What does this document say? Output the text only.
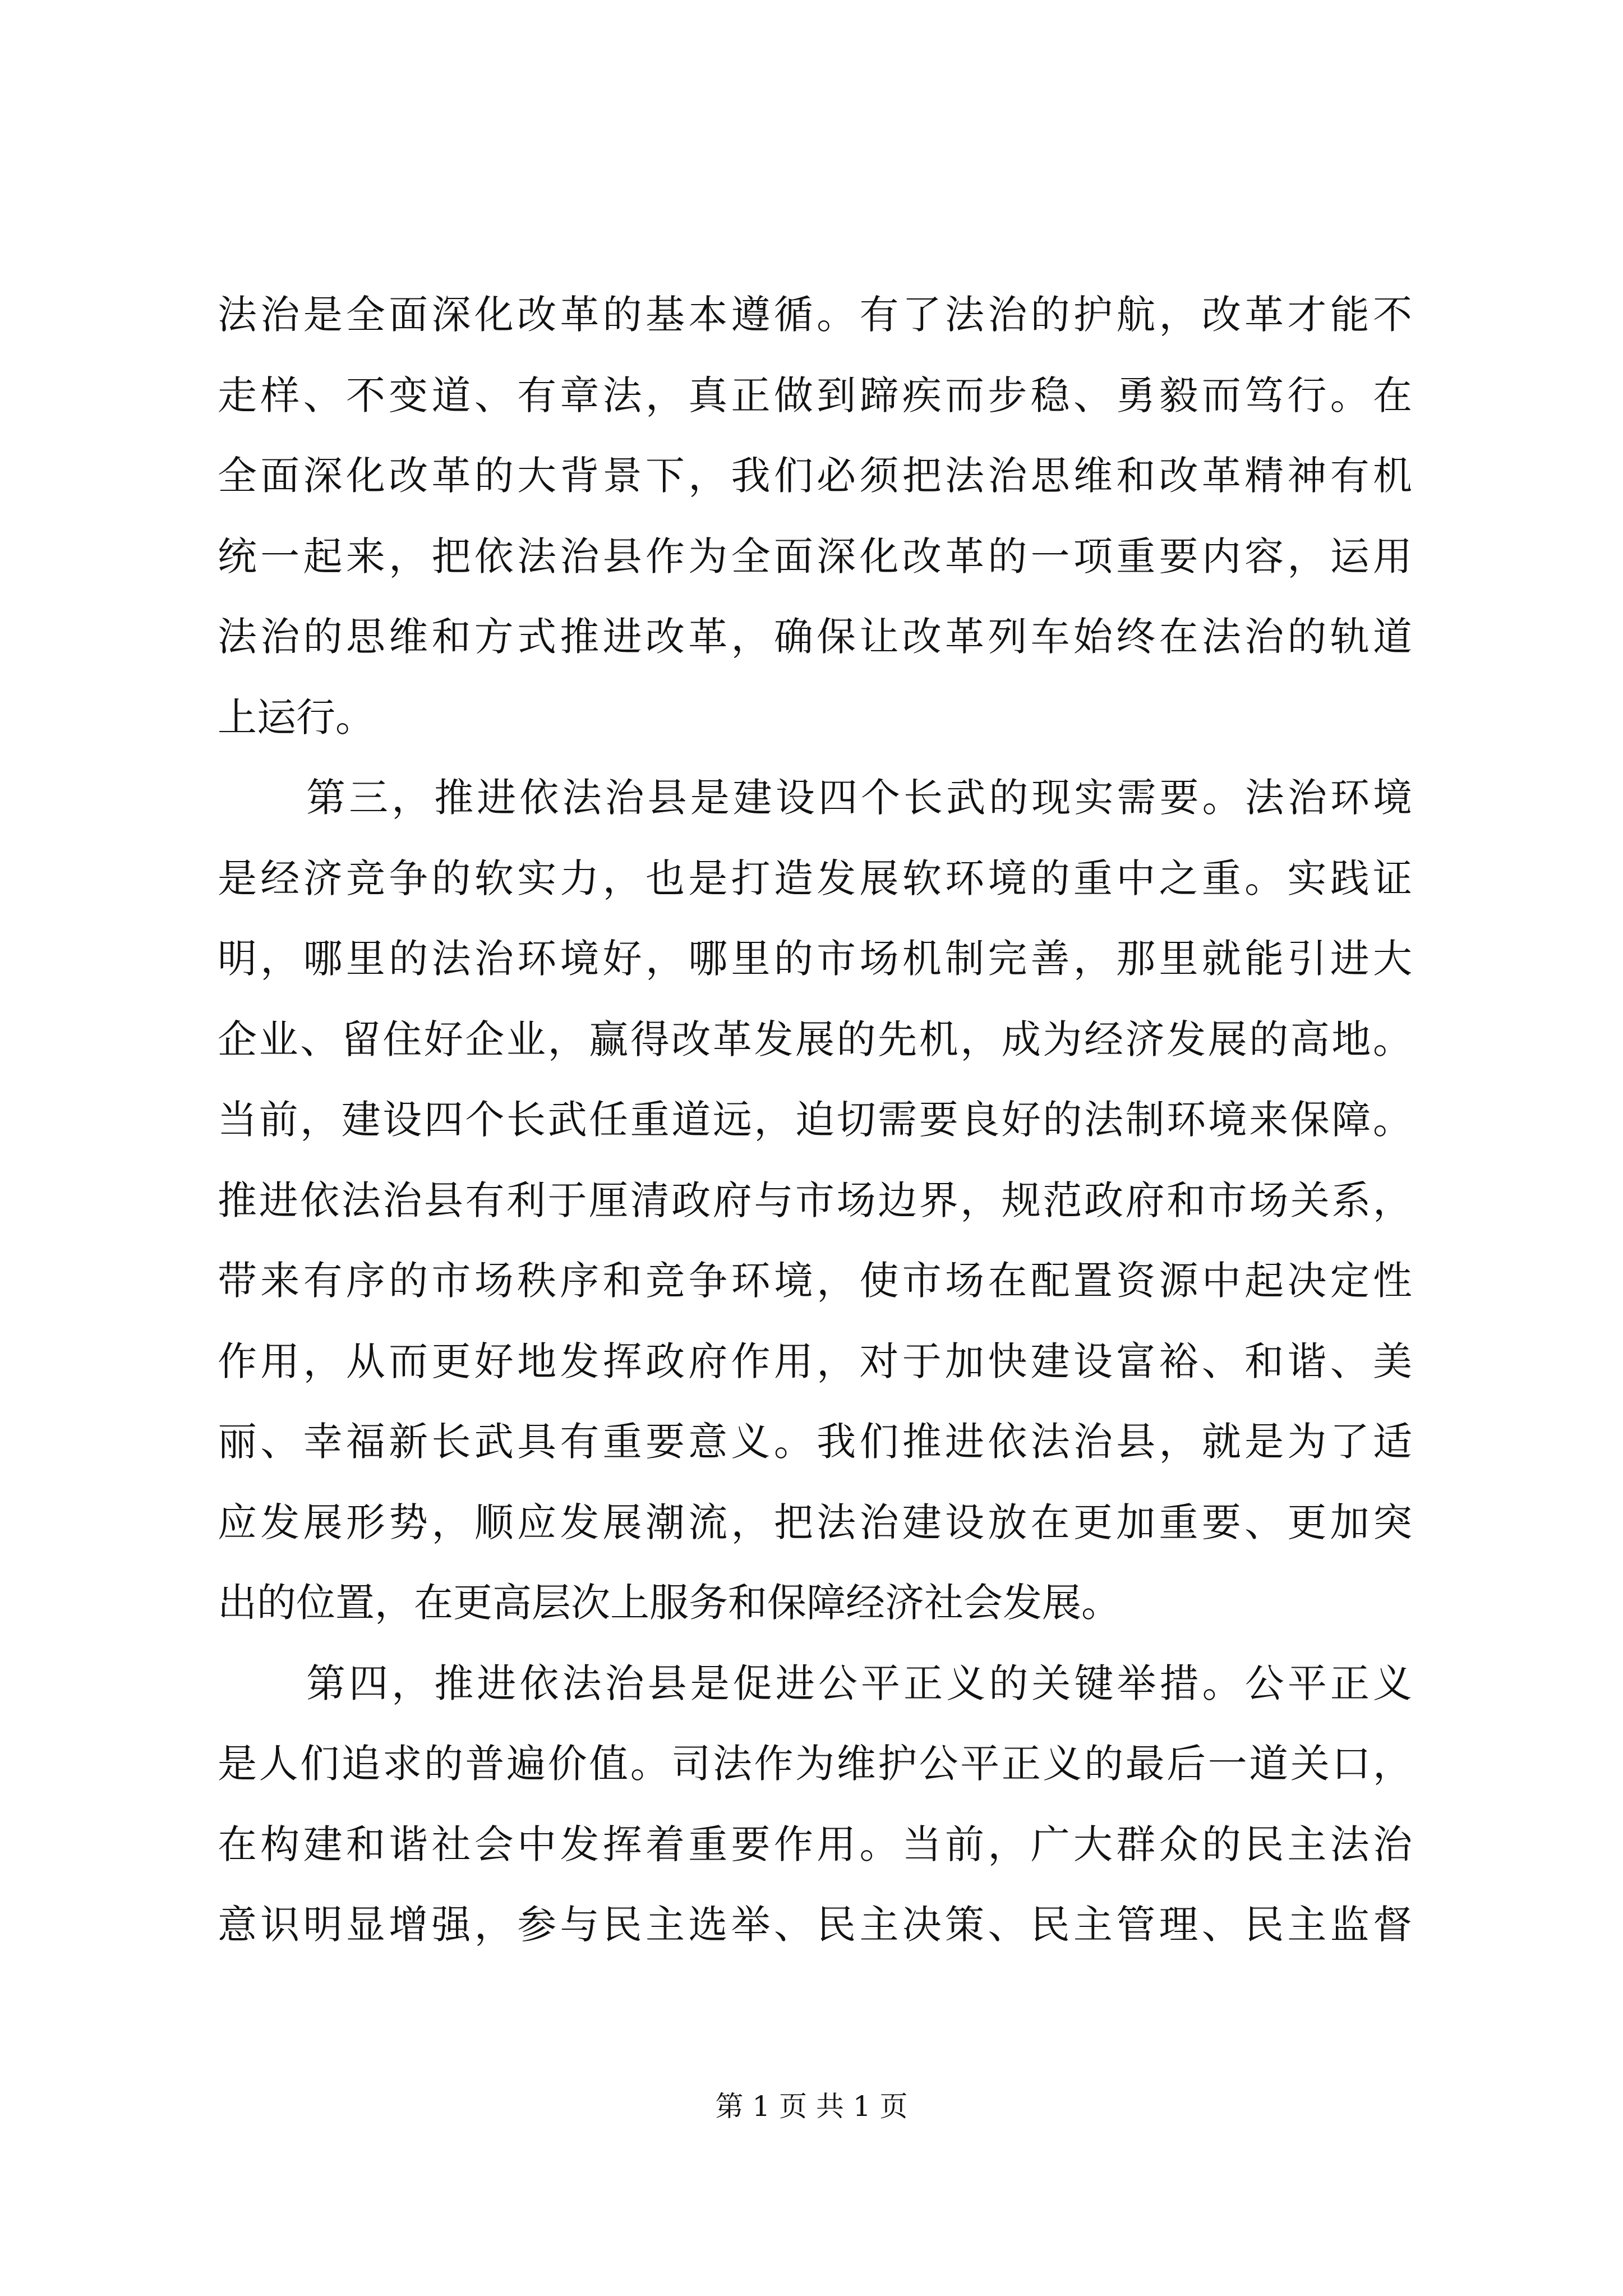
法治是全面深化改革的基本遵循。有了法治的护航，改革才能不
走样、不变道、有章法，真正做到蹄疾而步稳、勇毅而笃行。在
全面深化改革的大背景下，我们必须把法治思维和改革精神有机
统一起来，把依法治县作为全面深化改革的一项重要内容，运用
法治的思维和方式推进改革，确保让改革列车始终在法治的轨道
上运行。
第三，推进依法治县是建设四个长武的现实需要。法治环境
是经济竞争的软实力，也是打造发展软环境的重中之重。实践证
明，哪里的法治环境好，哪里的市场机制完善，那里就能引进大
企业、留住好企业，赢得改革发展的先机，成为经济发展的高地。
当前，建设四个长武任重道远，迫切需要良好的法制环境来保障。
推进依法治县有利于厘清政府与市场边界，规范政府和市场关系，
带来有序的市场秩序和竞争环境，使市场在配置资源中起决定性
作用，从而更好地发挥政府作用，对于加快建设富裕、和谐、美
丽、幸福新长武具有重要意义。我们推进依法治县，就是为了适
应发展形势，顺应发展潮流，把法治建设放在更加重要、更加突
出的位置，在更高层次上服务和保障经济社会发展。
第四，推进依法治县是促进公平正义的关键举措。公平正义
是人们追求的普遍价值。司法作为维护公平正义的最后一道关口，
在构建和谐社会中发挥着重要作用。当前，广大群众的民主法治
意识明显增强，参与民主选举、民主决策、民主管理、民主监督
第 1 页 共 1 页
